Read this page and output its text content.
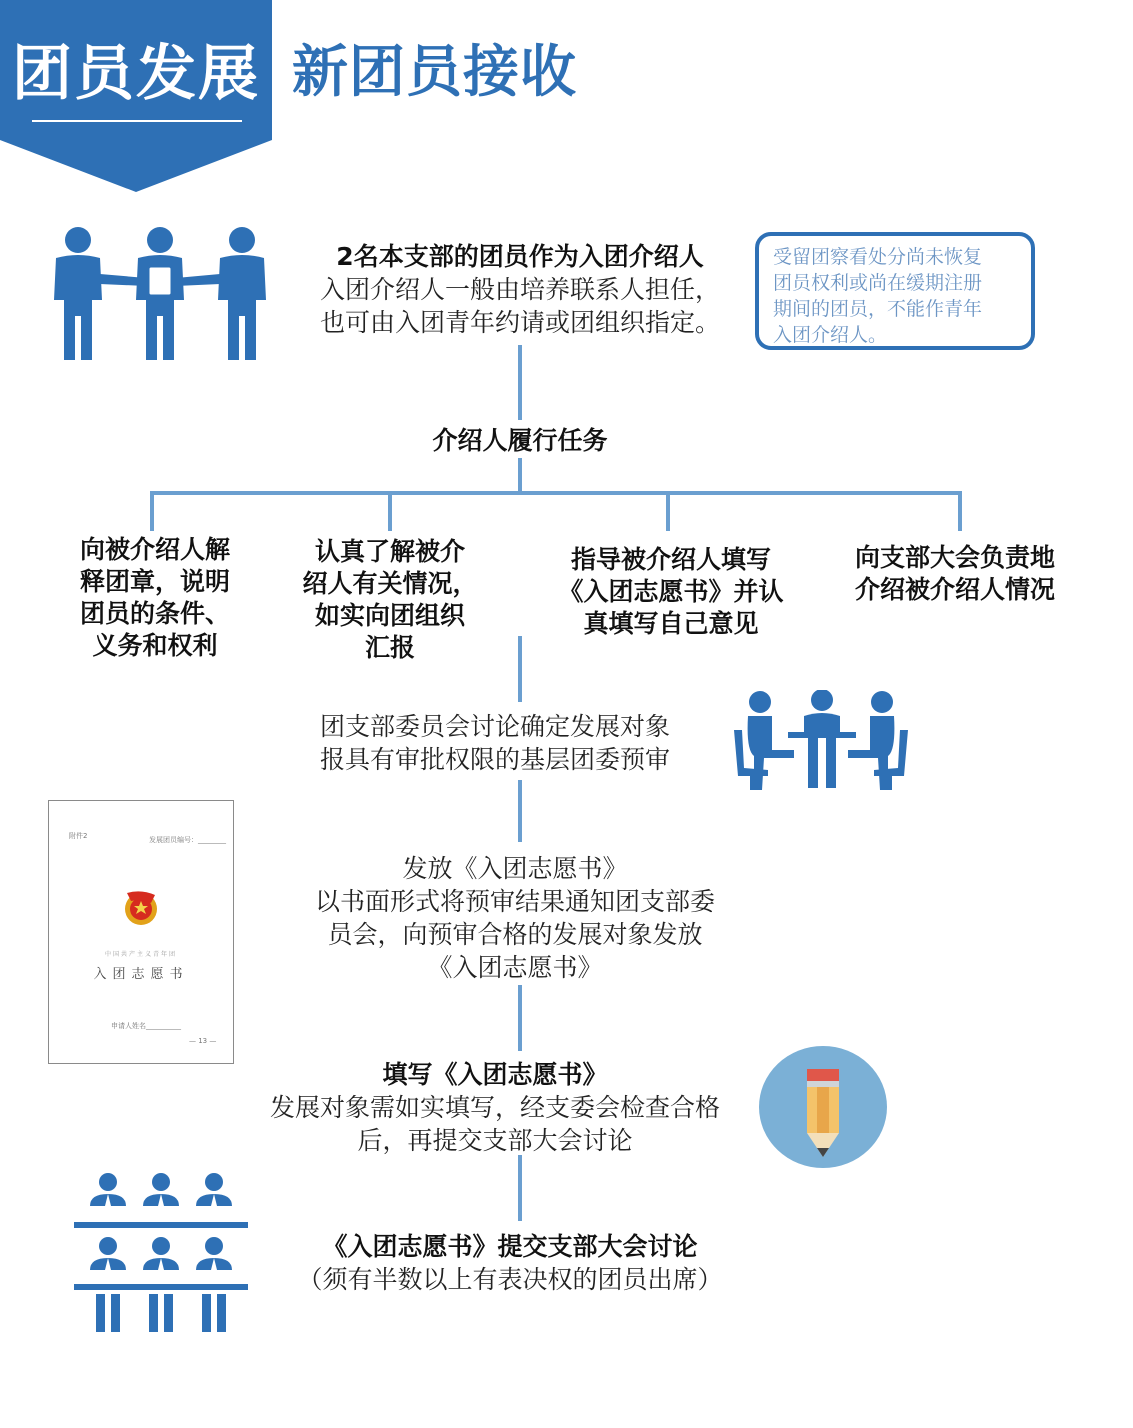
团员发展 新团员接收
2名本支部的团员作为入团介绍人
入团介绍人一般由培养联系人担任，
也可由入团青年约请或团组织指定。
受留团察看处分尚未恢复
团员权利或尚在缓期注册
期间的团员，不能作青年
入团介绍人。
介绍人履行任务
向被介绍人解
释团章，说明
团员的条件、
义务和权利
认真了解被介
绍人有关情况，
如实向团组织
汇报
指导被介绍人填写
《入团志愿书》并认
真填写自己意见
向支部大会负责地
介绍被介绍人情况
团支部委员会讨论确定发展对象
报具有审批权限的基层团委预审
发放《入团志愿书》
以书面形式将预审结果通知团支部委
员会，向预审合格的发展对象发放
《入团志愿书》
填写《入团志愿书》
发展对象需如实填写，经支委会检查合格
后，再提交支部大会讨论
《入团志愿书》提交支部大会讨论
（须有半数以上有表决权的团员出席）
附件2	发展团员编号：________
中国共产主义青年团
入团志愿书
申请人姓名__________
— 13 —
